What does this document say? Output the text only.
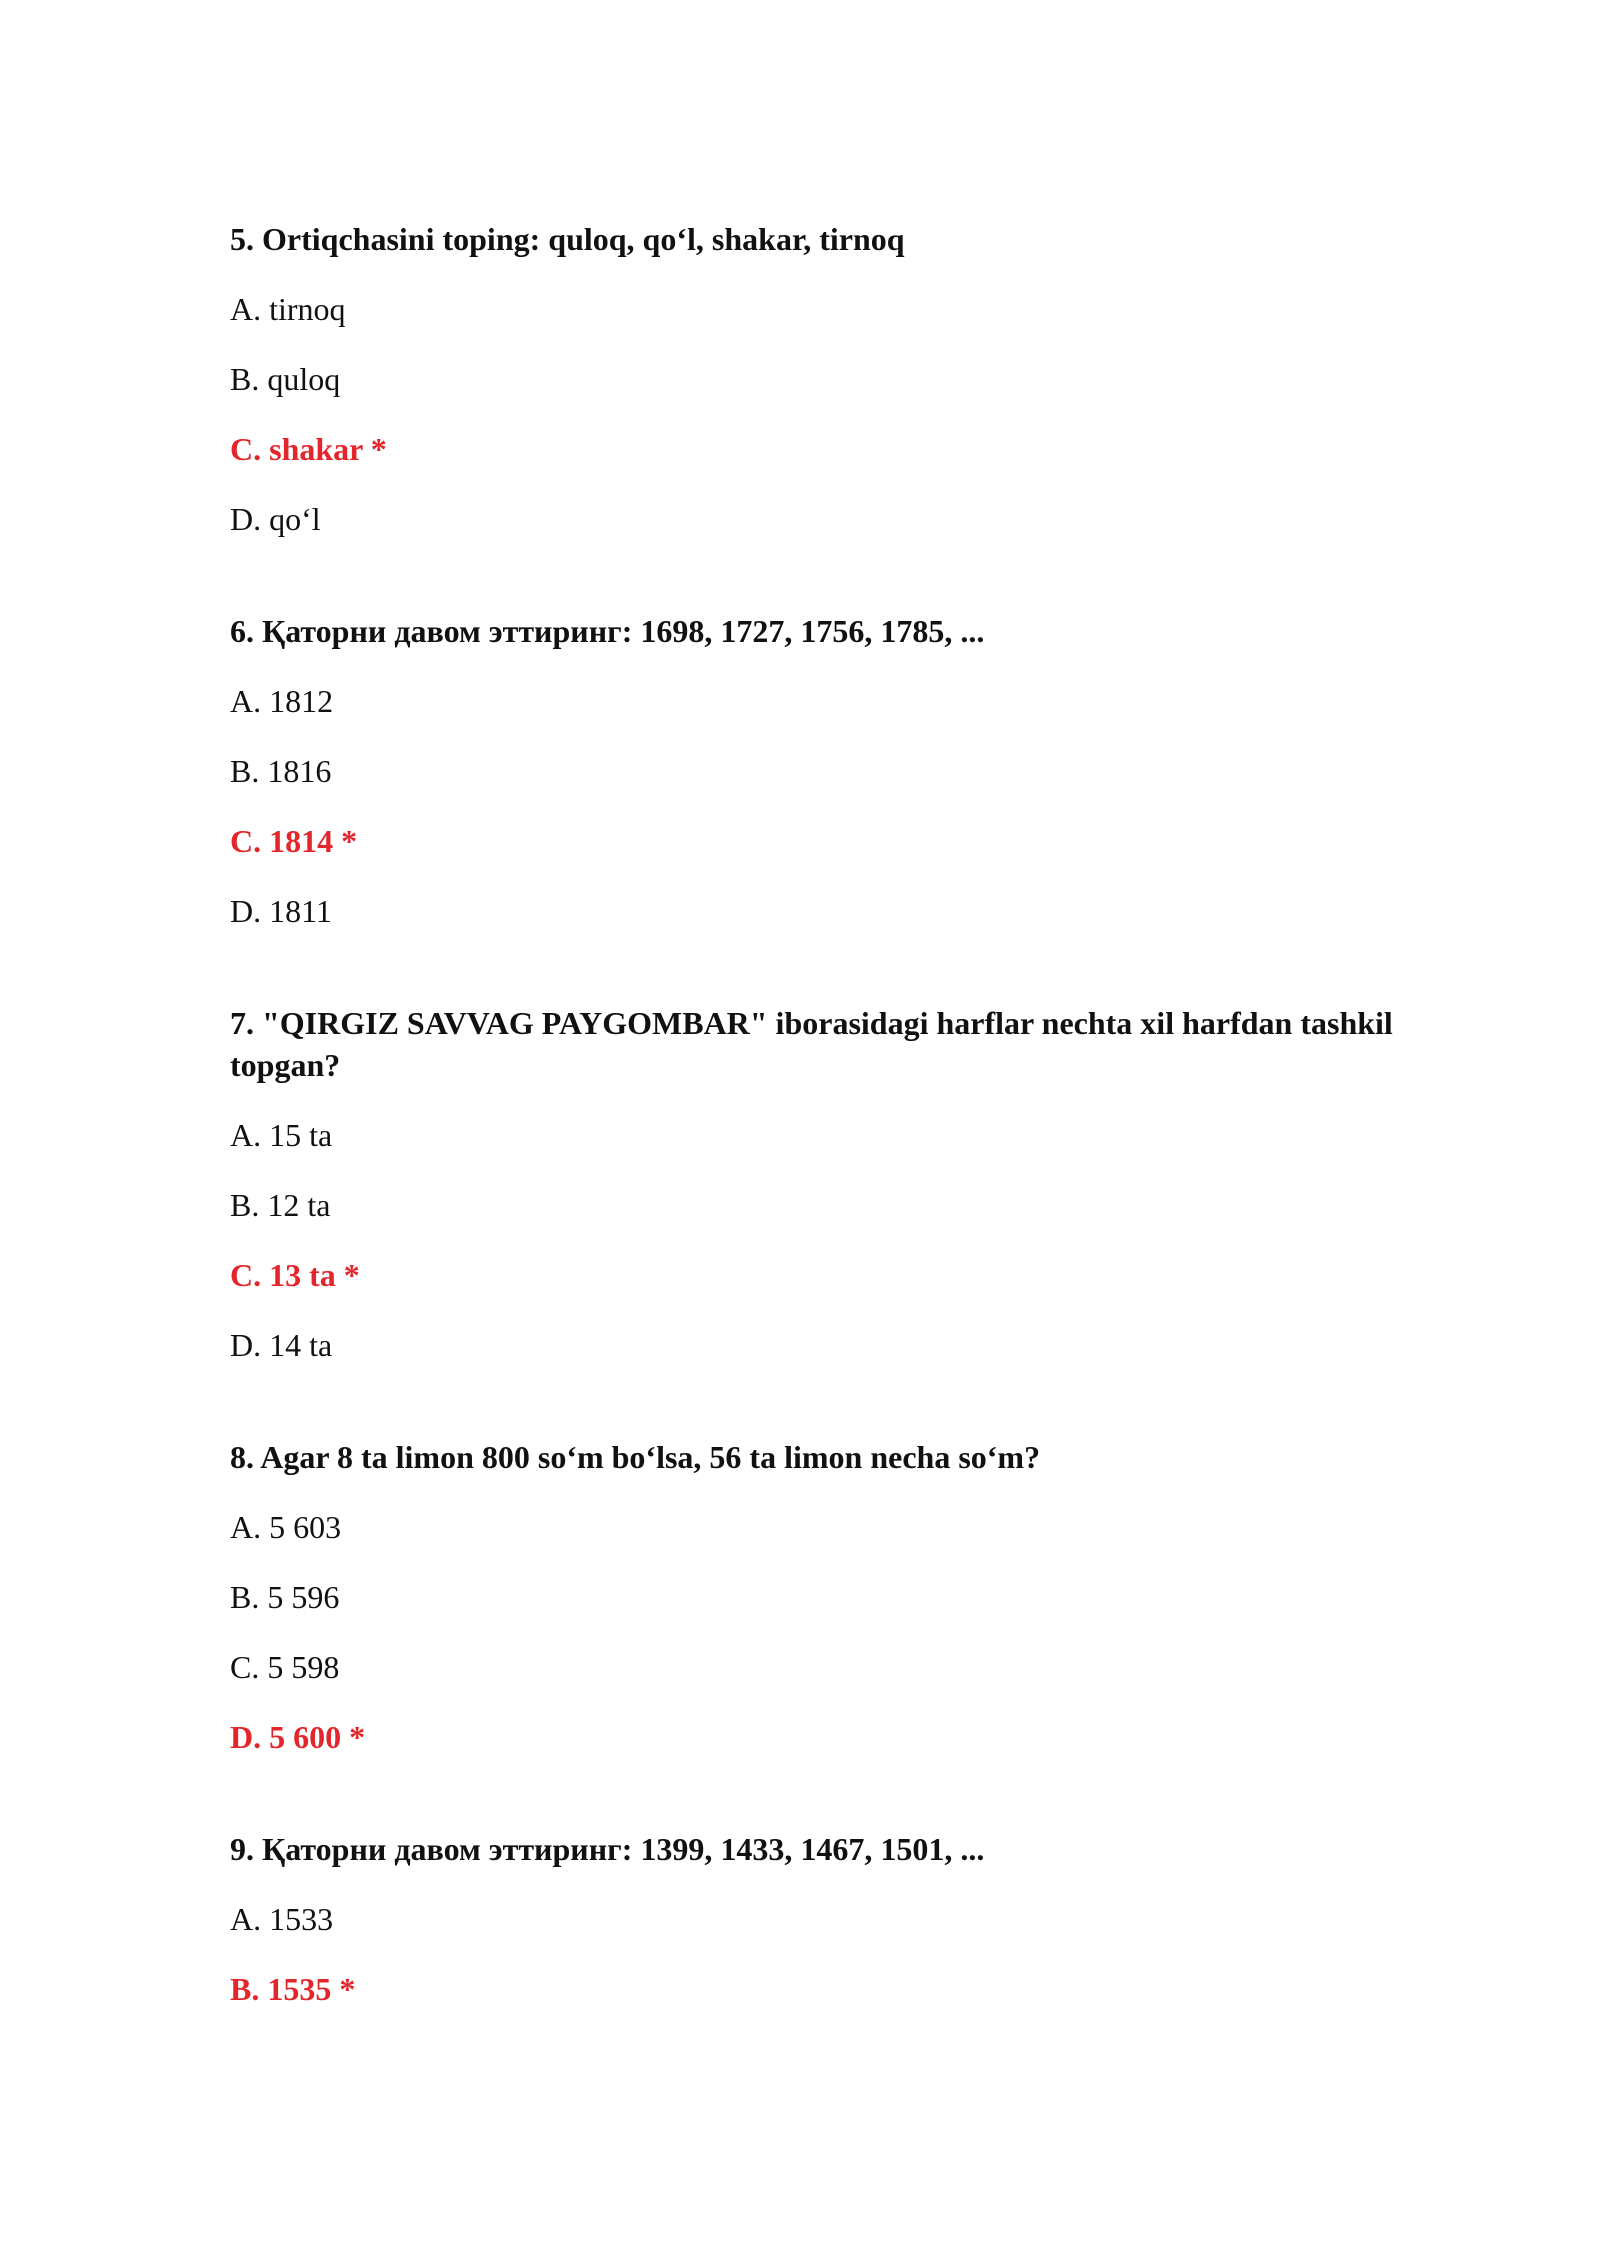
5. Ortiqchasini toping: quloq, qo‘l, shakar, tirnoq

A. tirnoq

B. quloq

C. shakar *

D. qo‘l

6. Қаторни давом эттиринг: 1698, 1727, 1756, 1785, ...

A. 1812

B. 1816

C. 1814 *

D. 1811

7. "QIRGIZ SAVVAG PAYGOMBAR" iborasidagi harflar nechta xil harfdan tashkil topgan?

A. 15 ta

B. 12 ta

C. 13 ta *

D. 14 ta

8. Agar 8 ta limon 800 so‘m bo‘lsa, 56 ta limon necha so‘m?

A. 5 603

B. 5 596

C. 5 598

D. 5 600 *

9. Қаторни давом эттиринг: 1399, 1433, 1467, 1501, ...

A. 1533

B. 1535 *
